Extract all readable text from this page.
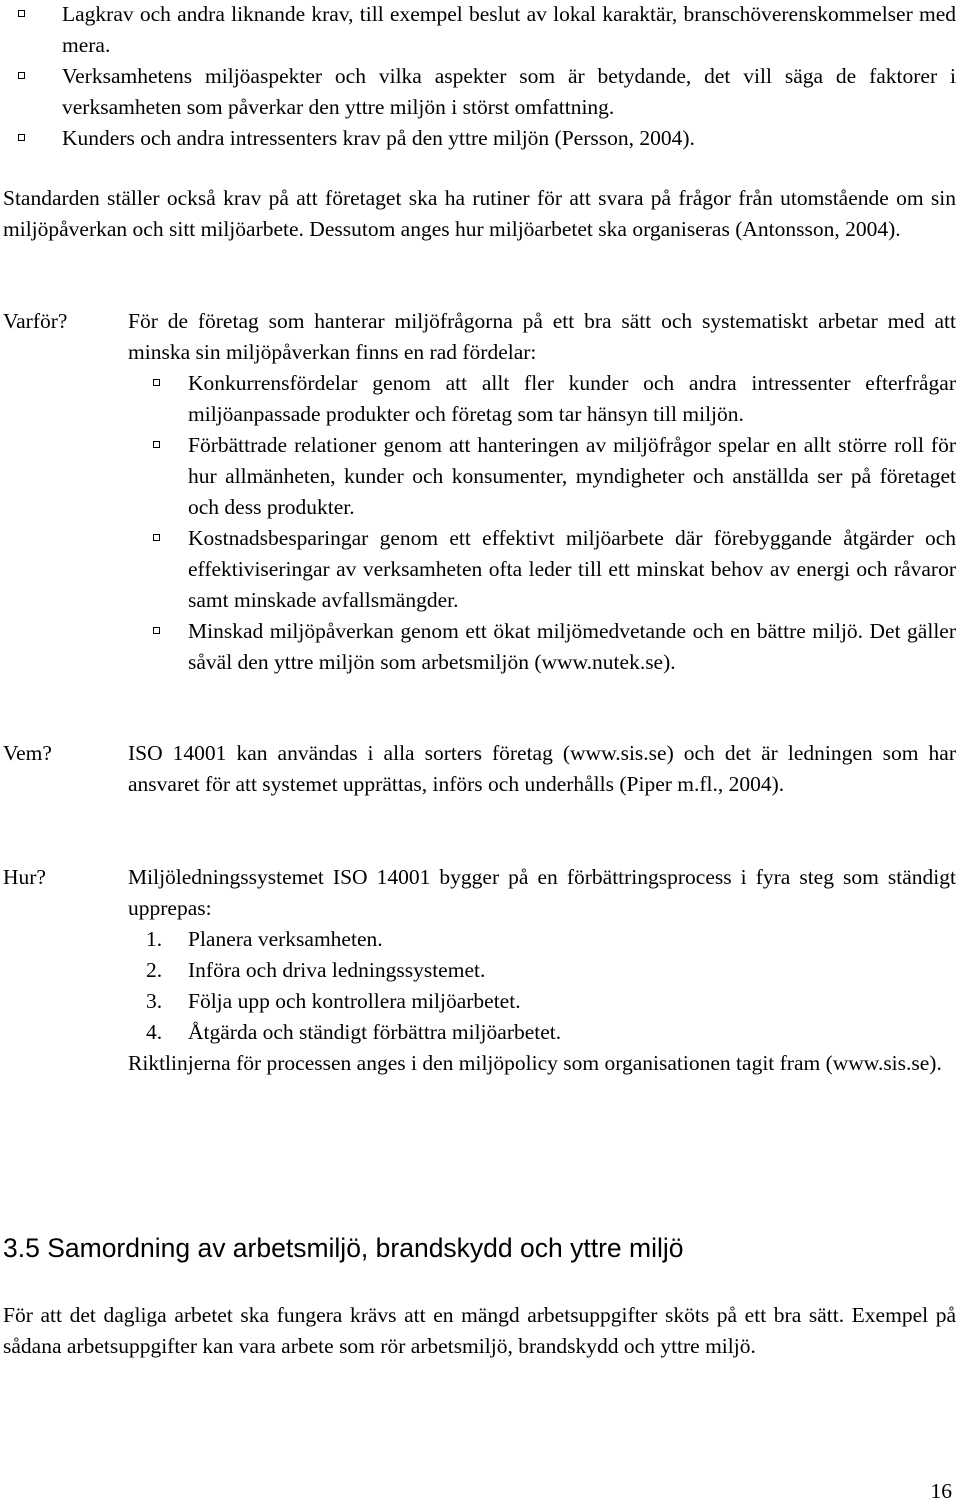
Lagkrav och andra liknande krav, till exempel beslut av lokal karaktär, branschöverenskommelser med mera.
Verksamhetens miljöaspekter och vilka aspekter som är betydande, det vill säga de faktorer i verksamheten som påverkar den yttre miljön i störst omfattning.
Kunders och andra intressenters krav på den yttre miljön (Persson, 2004).

Standarden ställer också krav på att företaget ska ha rutiner för att svara på frågor från utomstående om sin miljöpåverkan och sitt miljöarbete. Dessutom anges hur miljöarbetet ska organiseras (Antonsson, 2004).

Varför?	För de företag som hanterar miljöfrågorna på ett bra sätt och systematiskt arbetar med att minska sin miljöpåverkan finns en rad fördelar:

Konkurrensfördelar genom att allt fler kunder och andra intressenter efterfrågar miljöanpassade produkter och företag som tar hänsyn till miljön.
Förbättrade relationer genom att hanteringen av miljöfrågor spelar en allt större roll för hur allmänheten, kunder och konsumenter, myndigheter och anställda ser på företaget och dess produkter.
Kostnadsbesparingar genom ett effektivt miljöarbete där förebyggande åtgärder och effektiviseringar av verksamheten ofta leder till ett minskat behov av energi och råvaror samt minskade avfallsmängder.
Minskad miljöpåverkan genom ett ökat miljömedvetande och en bättre miljö. Det gäller såväl den yttre miljön som arbetsmiljön (www.nutek.se).

Vem?	ISO 14001 kan användas i alla sorters företag (www.sis.se) och det är ledningen som har ansvaret för att systemet upprättas, införs och underhålls (Piper m.fl., 2004).

Hur?	Miljöledningssystemet ISO 14001 bygger på en förbättringsprocess i fyra steg som ständigt upprepas:

1. Planera verksamheten.
2. Införa och driva ledningssystemet.
3. Följa upp och kontrollera miljöarbetet.
4. Åtgärda och ständigt förbättra miljöarbetet.

Riktlinjerna för processen anges i den miljöpolicy som organisationen tagit fram (www.sis.se).

3.5 Samordning av arbetsmiljö, brandskydd och yttre miljö

För att det dagliga arbetet ska fungera krävs att en mängd arbetsuppgifter sköts på ett bra sätt. Exempel på sådana arbetsuppgifter kan vara arbete som rör arbetsmiljö, brandskydd och yttre miljö.

16
